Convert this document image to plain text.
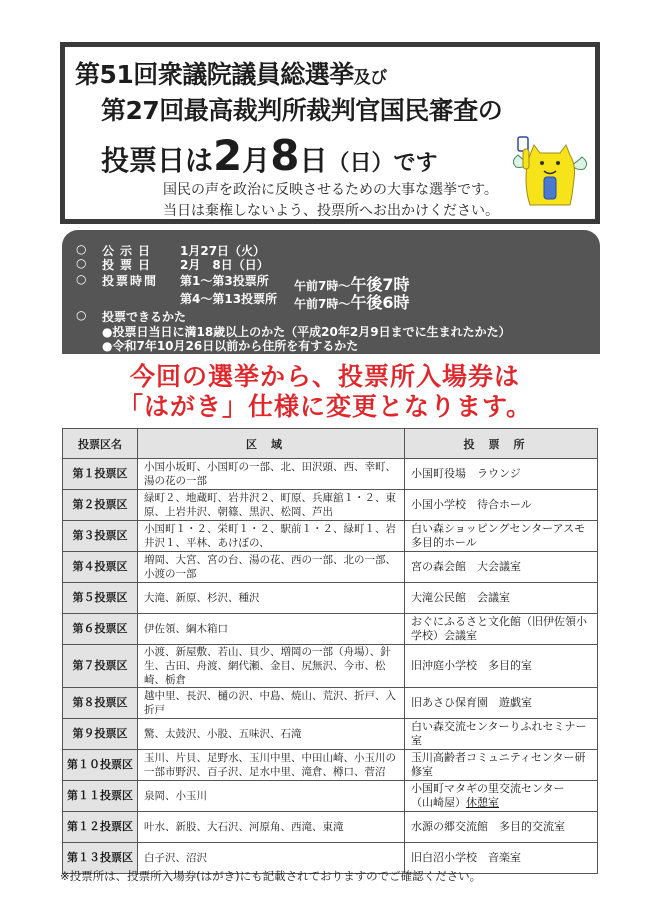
第51回衆議院議員総選挙及び
第27回最高裁判所裁判官国民審査の
投票日は2月8日（日）です
国民の声を政治に反映させるための大事な選挙です。
当日は棄権しないよう、投票所へお出かけください。
○ 公示日 1月27日（火）
○ 投票日 2月　8日（日）
○ 投票時間 第1～第3投票所 午前7時～午後7時
第4～第13投票所 午前7時～午後6時
○ 投票できるかた
●投票日当日に満18歳以上のかた（平成20年2月9日までに生まれたかた）
●令和7年10月26日以前から住所を有するかた
今回の選挙から、投票所入場券は
「はがき」仕様に変更となります。
投票区名	区域	投票所
第１投票区	小国小坂町、小国町の一部、北、田沢頭、西、幸町、湯の花の一部	小国町役場　ラウンジ
第２投票区	緑町２、地蔵町、岩井沢２、町原、兵庫舘１・２、東原、上岩井沢、朝篠、黒沢、松岡、芦出	小国小学校　待合ホール
第３投票区	小国町１・２、栄町１・２、駅前１・２、緑町１、岩井沢１、平林、あけぼの、	白い森ショッピングセンターアスモ多目的ホール
第４投票区	増岡、大宮、宮の台、湯の花、西の一部、北の一部、小渡の一部	宮の森会館　大会議室
第５投票区	大滝、新原、杉沢、種沢	大滝公民館　会議室
第６投票区	伊佐領、綱木箱口	おぐにふるさと文化館（旧伊佐領小学校）会議室
第７投票区	小渡、新屋敷、若山、貝少、増岡の一部（舟場）、針生、古田、舟渡、網代瀬、金目、尻無沢、今市、松崎、栃倉	旧沖庭小学校　多目的室
第８投票区	越中里、長沢、樋の沢、中島、焼山、荒沢、折戸、入折戸	旧あさひ保育園　遊戯室
第９投票区	驚、太鼓沢、小股、五味沢、石滝	白い森交流センターりふれセミナー室
第１０投票区	玉川、片貝、足野水、玉川中里、中田山崎、小玉川の一部市野沢、百子沢、足水中里、滝倉、樽口、菅沼	玉川高齢者コミュニティセンター研修室
第１１投票区	泉岡、小玉川	小国町マタギの里交流センター
（山崎屋）休憩室
第１２投票区	叶水、新股、大石沢、河原角、西滝、東滝	水源の郷交流館　多目的交流室
第１３投票区	白子沢、沼沢	旧白沼小学校　音楽室
※投票所は、投票所入場券(はがき)にも記載されておりますのでご確認ください。
